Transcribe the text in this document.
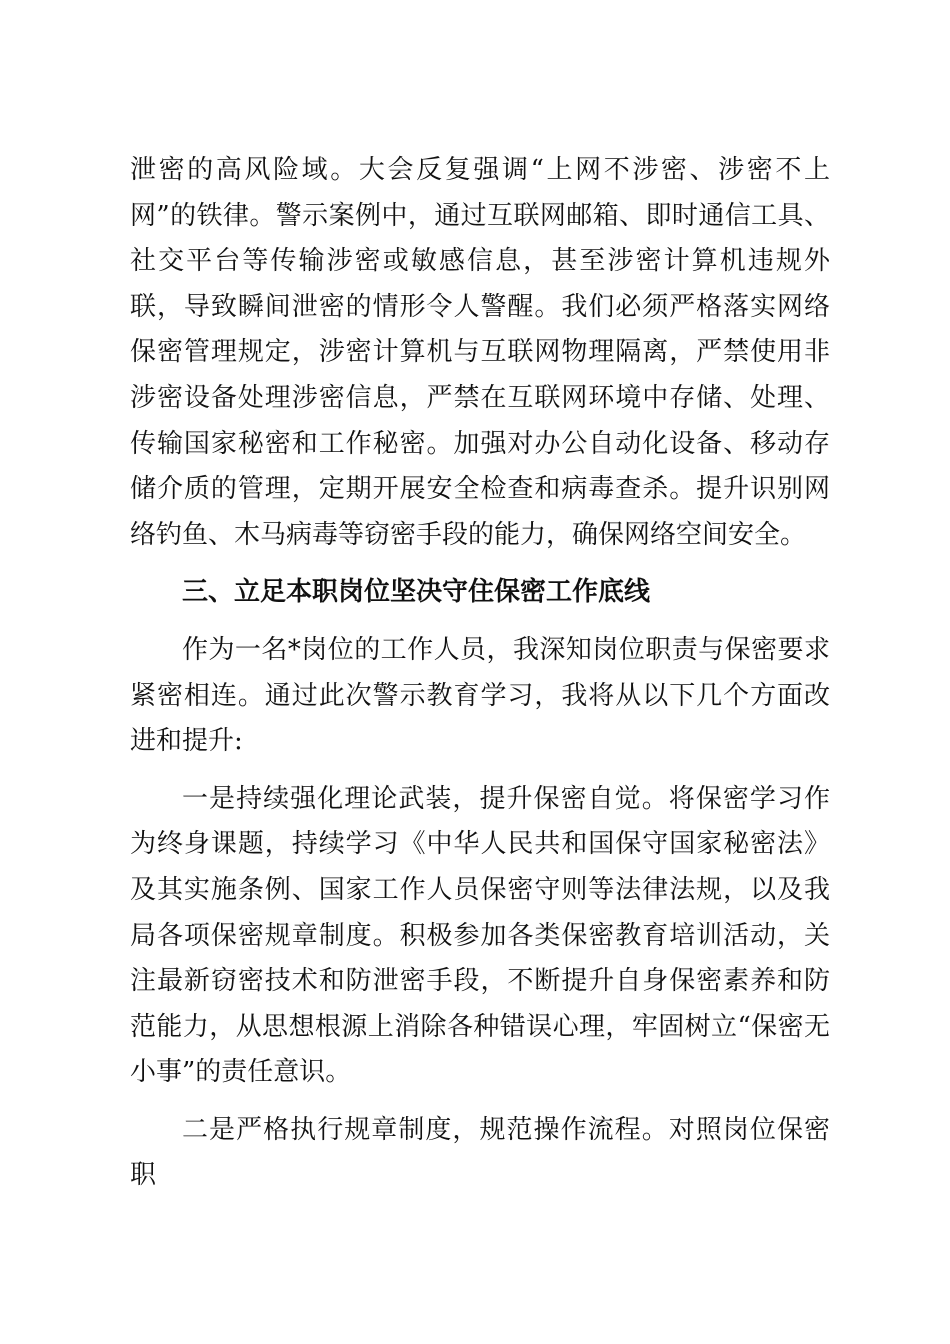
泄密的高风险域。大会反复强调“上网不涉密、涉密不上网”的铁律。警示案例中，通过互联网邮箱、即时通信工具、社交平台等传输涉密或敏感信息，甚至涉密计算机违规外联，导致瞬间泄密的情形令人警醒。我们必须严格落实网络保密管理规定，涉密计算机与互联网物理隔离，严禁使用非涉密设备处理涉密信息，严禁在互联网环境中存储、处理、传输国家秘密和工作秘密。加强对办公自动化设备、移动存储介质的管理，定期开展安全检查和病毒查杀。提升识别网络钓鱼、木马病毒等窃密手段的能力，确保网络空间安全。

三、立足本职岗位坚决守住保密工作底线

作为一名*岗位的工作人员，我深知岗位职责与保密要求紧密相连。通过此次警示教育学习，我将从以下几个方面改进和提升:

一是持续强化理论武装，提升保密自觉。将保密学习作为终身课题，持续学习《中华人民共和国保守国家秘密法》及其实施条例、国家工作人员保密守则等法律法规，以及我局各项保密规章制度。积极参加各类保密教育培训活动，关注最新窃密技术和防泄密手段，不断提升自身保密素养和防范能力，从思想根源上消除各种错误心理，牢固树立“保密无小事”的责任意识。

二是严格执行规章制度，规范操作流程。对照岗位保密职
